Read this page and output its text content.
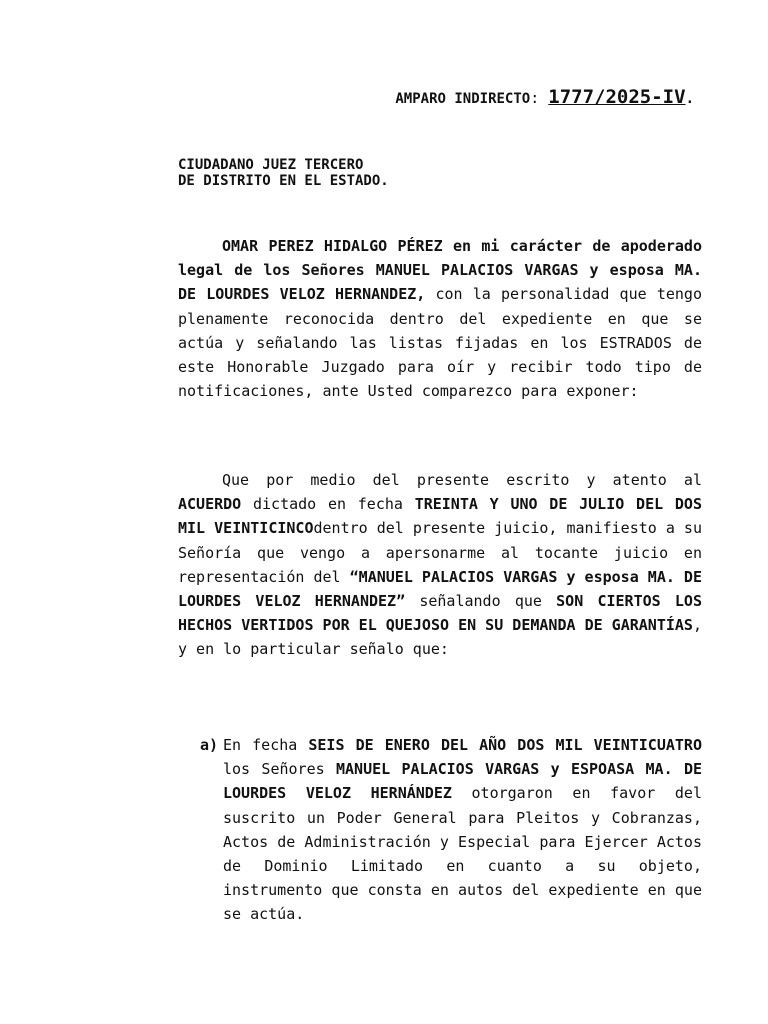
AMPARO INDIRECTO: 1777/2025-IV.
CIUDADANO JUEZ TERCERO
DE DISTRITO EN EL ESTADO.
OMAR PEREZ HIDALGO PÉREZ en mi carácter de apoderado legal de los Señores MANUEL PALACIOS VARGAS y esposa MA. DE LOURDES VELOZ HERNANDEZ, con la personalidad que tengo plenamente reconocida dentro del expediente en que se actúa y señalando las listas fijadas en los ESTRADOS de este Honorable Juzgado para oír y recibir todo tipo de notificaciones, ante Usted comparezco para exponer:
Que por medio del presente escrito y atento al ACUERDO dictado en fecha TREINTA Y UNO DE JULIO DEL DOS MIL VEINTICINCOdentro del presente juicio, manifiesto a su Señoría que vengo a apersonarme al tocante juicio en representación del “MANUEL PALACIOS VARGAS y esposa MA. DE LOURDES VELOZ HERNANDEZ” señalando que SON CIERTOS LOS HECHOS VERTIDOS POR EL QUEJOSO EN SU DEMANDA DE GARANTÍAS, y en lo particular señalo que:
a) En fecha SEIS DE ENERO DEL AÑO DOS MIL VEINTICUATRO los Señores MANUEL PALACIOS VARGAS y ESPOASA MA. DE LOURDES VELOZ HERNÁNDEZ otorgaron en favor del suscrito un Poder General para Pleitos y Cobranzas, Actos de Administración y Especial para Ejercer Actos de Dominio Limitado en cuanto a su objeto, instrumento que consta en autos del expediente en que se actúa.
